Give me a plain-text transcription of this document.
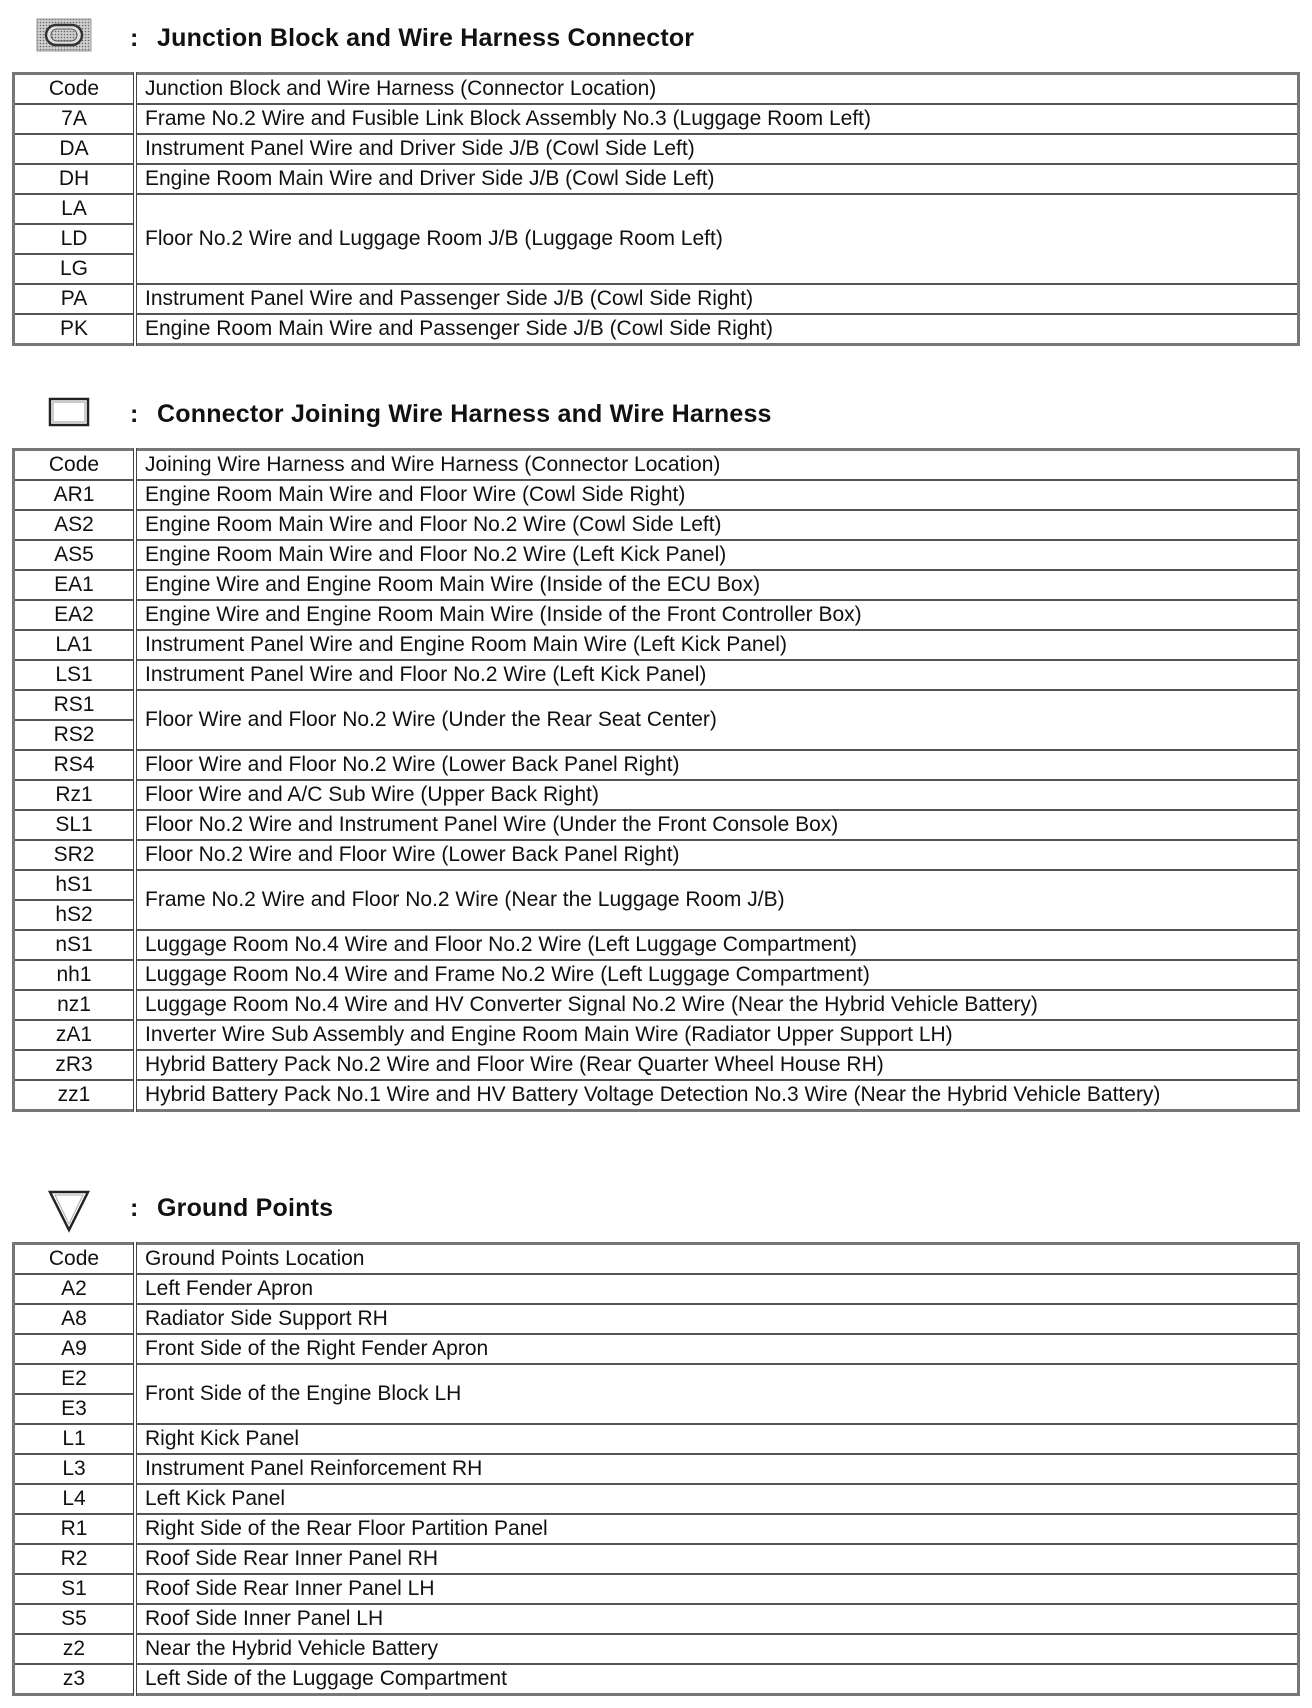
: Junction Block and Wire Harness Connector
Code	Junction Block and Wire Harness (Connector Location)
7A	Frame No.2 Wire and Fusible Link Block Assembly No.3 (Luggage Room Left)
DA	Instrument Panel Wire and Driver Side J/B (Cowl Side Left)
DH	Engine Room Main Wire and Driver Side J/B (Cowl Side Left)
LA	Floor No.2 Wire and Luggage Room J/B (Luggage Room Left)
LD	
LG	
PA	Instrument Panel Wire and Passenger Side J/B (Cowl Side Right)
PK	Engine Room Main Wire and Passenger Side J/B (Cowl Side Right)
: Connector Joining Wire Harness and Wire Harness
Code	Joining Wire Harness and Wire Harness (Connector Location)
AR1	Engine Room Main Wire and Floor Wire (Cowl Side Right)
AS2	Engine Room Main Wire and Floor No.2 Wire (Cowl Side Left)
AS5	Engine Room Main Wire and Floor No.2 Wire (Left Kick Panel)
EA1	Engine Wire and Engine Room Main Wire (Inside of the ECU Box)
EA2	Engine Wire and Engine Room Main Wire (Inside of the Front Controller Box)
LA1	Instrument Panel Wire and Engine Room Main Wire (Left Kick Panel)
LS1	Instrument Panel Wire and Floor No.2 Wire (Left Kick Panel)
RS1	Floor Wire and Floor No.2 Wire (Under the Rear Seat Center)
RS2	
RS4	Floor Wire and Floor No.2 Wire (Lower Back Panel Right)
Rz1	Floor Wire and A/C Sub Wire (Upper Back Right)
SL1	Floor No.2 Wire and Instrument Panel Wire (Under the Front Console Box)
SR2	Floor No.2 Wire and Floor Wire (Lower Back Panel Right)
hS1	Frame No.2 Wire and Floor No.2 Wire (Near the Luggage Room J/B)
hS2	
nS1	Luggage Room No.4 Wire and Floor No.2 Wire (Left Luggage Compartment)
nh1	Luggage Room No.4 Wire and Frame No.2 Wire (Left Luggage Compartment)
nz1	Luggage Room No.4 Wire and HV Converter Signal No.2 Wire (Near the Hybrid Vehicle Battery)
zA1	Inverter Wire Sub Assembly and Engine Room Main Wire (Radiator Upper Support LH)
zR3	Hybrid Battery Pack No.2 Wire and Floor Wire (Rear Quarter Wheel House RH)
zz1	Hybrid Battery Pack No.1 Wire and HV Battery Voltage Detection No.3 Wire (Near the Hybrid Vehicle Battery)
: Ground Points
Code	Ground Points Location
A2	Left Fender Apron
A8	Radiator Side Support RH
A9	Front Side of the Right Fender Apron
E2	Front Side of the Engine Block LH
E3	
L1	Right Kick Panel
L3	Instrument Panel Reinforcement RH
L4	Left Kick Panel
R1	Right Side of the Rear Floor Partition Panel
R2	Roof Side Rear Inner Panel RH
S1	Roof Side Rear Inner Panel LH
S5	Roof Side Inner Panel LH
z2	Near the Hybrid Vehicle Battery
z3	Left Side of the Luggage Compartment
